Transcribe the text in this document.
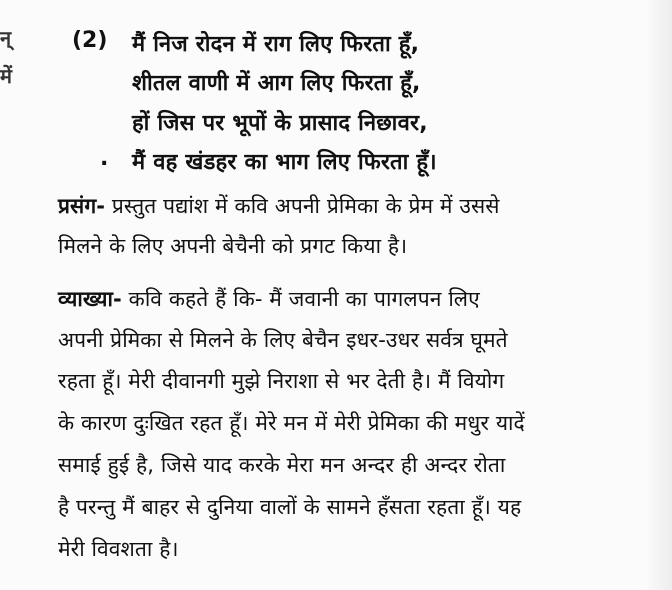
न्
में
(2) मैं निज रोदन में राग लिए फिरता हूँ,
शीतल वाणी में आग लिए फिरता हूँ,
हों जिस पर भूपों के प्रासाद निछावर,
. मैं वह खंडहर का भाग लिए फिरता हूँ।
प्रसंग- प्रस्तुत पद्यांश में कवि अपनी प्रेमिका के प्रेम में उससे
मिलने के लिए अपनी बेचैनी को प्रगट किया है।
व्याख्या- कवि कहते हैं कि- मैं जवानी का पागलपन लिए
अपनी प्रेमिका से मिलने के लिए बेचैन इधर-उधर सर्वत्र घूमते
रहता हूँ। मेरी दीवानगी मुझे निराशा से भर देती है। मैं वियोग
के कारण दुःखित रहत हूँ। मेरे मन में मेरी प्रेमिका की मधुर यादें
समाई हुई है, जिसे याद करके मेरा मन अन्दर ही अन्दर रोता
है परन्तु मैं बाहर से दुनिया वालों के सामने हँसता रहता हूँ। यह
मेरी विवशता है।
